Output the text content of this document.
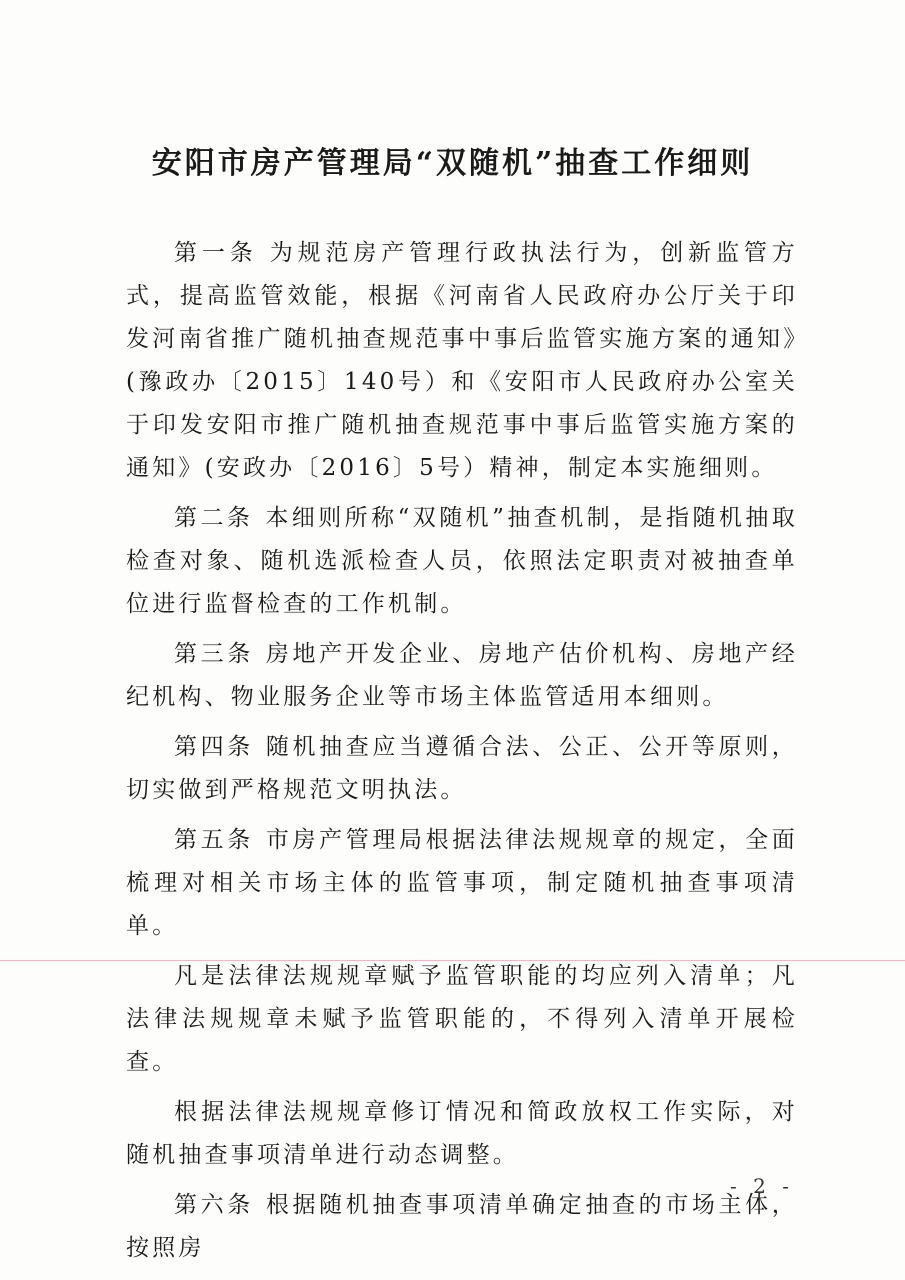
安阳市房产管理局“双随机”抽查工作细则

第一条 为规范房产管理行政执法行为，创新监管方式，提高监管效能，根据《河南省人民政府办公厅关于印发河南省推广随机抽查规范事中事后监管实施方案的通知》(豫政办〔2015〕140号）和《安阳市人民政府办公室关于印发安阳市推广随机抽查规范事中事后监管实施方案的通知》(安政办〔2016〕5号）精神，制定本实施细则。

第二条 本细则所称“双随机”抽查机制，是指随机抽取检查对象、随机选派检查人员，依照法定职责对被抽查单位进行监督检查的工作机制。

第三条 房地产开发企业、房地产估价机构、房地产经纪机构、物业服务企业等市场主体监管适用本细则。

第四条 随机抽查应当遵循合法、公正、公开等原则，切实做到严格规范文明执法。

第五条 市房产管理局根据法律法规规章的规定，全面梳理对相关市场主体的监管事项，制定随机抽查事项清单。

凡是法律法规规章赋予监管职能的均应列入清单；凡法律法规规章未赋予监管职能的，不得列入清单开展检查。

根据法律法规规章修订情况和简政放权工作实际，对随机抽查事项清单进行动态调整。

第六条 根据随机抽查事项清单确定抽查的市场主体，按照房

- 2 -
